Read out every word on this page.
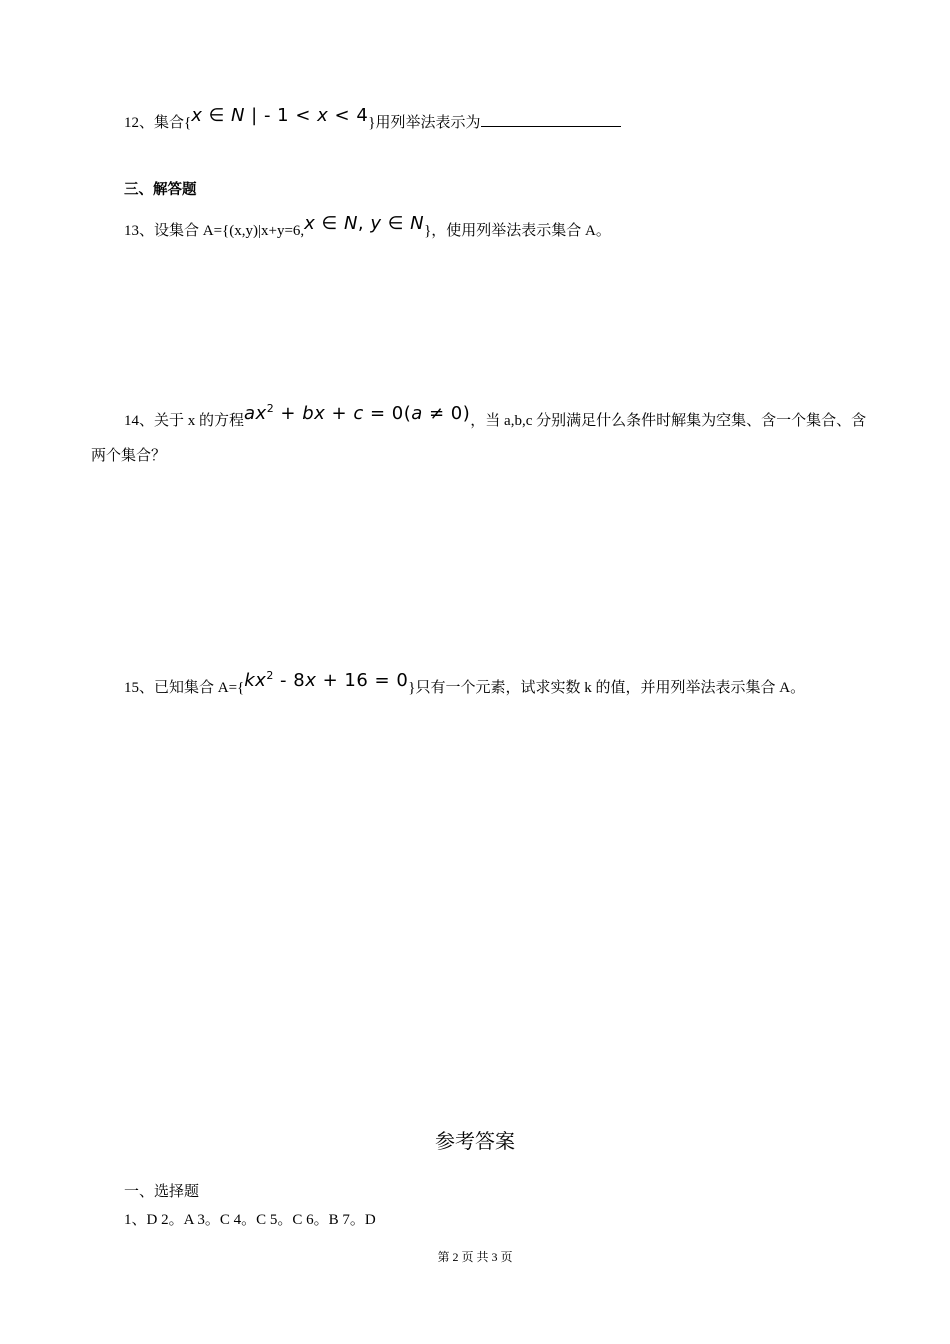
12、集合{x ∈ N | - 1 < x < 4}用列举法表示为
三、解答题
13、设集合 A={(x,y)|x+y=6,x ∈ N, y ∈ N}，使用列举法表示集合 A。
14、关于 x 的方程$ax^2$ + bx + c = 0(a ≠ 0)，当 a,b,c 分别满足什么条件时解集为空集、含一个集合、含
两个集合？
15、已知集合 $A=\{kx^2 - 8x + 16 = 0\}$只有一个元素，试求实数 k 的值，并用列举法表示集合 A。
参考答案
一、选择题
1、D 2。A 3。C 4。C 5。C 6。B 7。D
第 2 页 共 3 页
